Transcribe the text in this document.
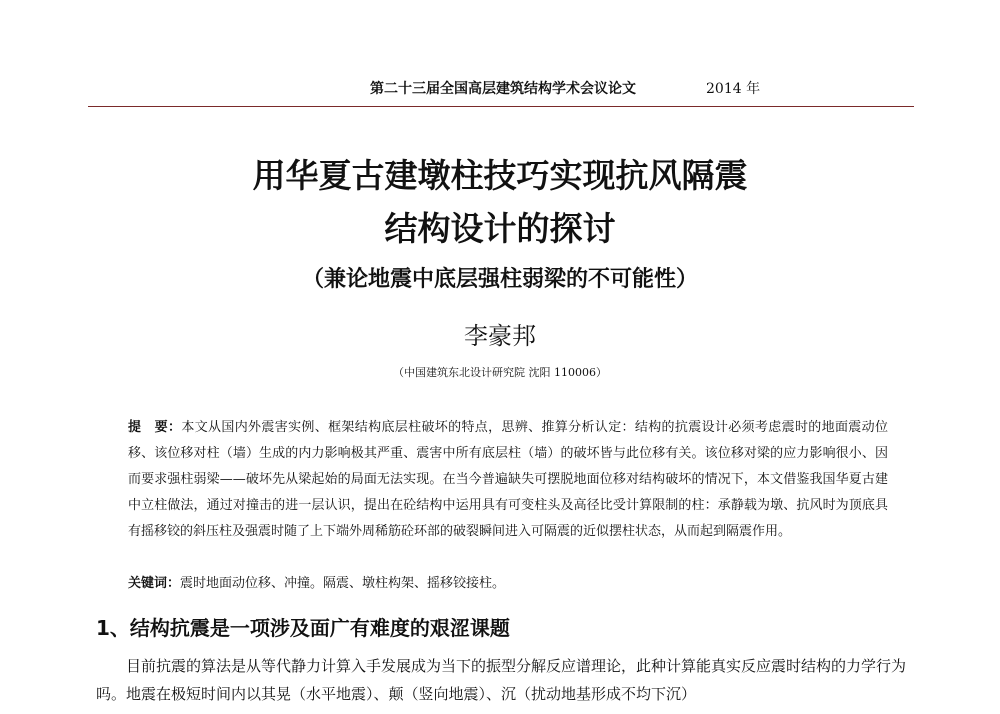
第二十三届全国高层建筑结构学术会议论文	2014 年
用华夏古建墩柱技巧实现抗风隔震
结构设计的探讨
（兼论地震中底层强柱弱梁的不可能性）
李豪邦
（中国建筑东北设计研究院 沈阳 110006）
提　要：本文从国内外震害实例、框架结构底层柱破坏的特点，思辨、推算分析认定：结构的抗震设计必须考虑震时的地面震动位移、该位移对柱（墙）生成的内力影响极其严重、震害中所有底层柱（墙）的破坏皆与此位移有关。该位移对梁的应力影响很小、因而要求强柱弱梁——破坏先从梁起始的局面无法实现。在当今普遍缺失可摆脱地面位移对结构破坏的情况下，本文借鉴我国华夏古建中立柱做法，通过对撞击的进一层认识，提出在砼结构中运用具有可变柱头及高径比受计算限制的柱：承静载为墩、抗风时为顶底具有摇移铰的斜压柱及强震时随了上下端外周稀筋砼环部的破裂瞬间进入可隔震的近似摆柱状态，从而起到隔震作用。
关键词：震时地面动位移、冲撞。隔震、墩柱构架、摇移铰接柱。
1、结构抗震是一项涉及面广有难度的艰涩课题
目前抗震的算法是从等代静力计算入手发展成为当下的振型分解反应谱理论，此种计算能真实反应震时结构的力学行为吗。地震在极短时间内以其晃（水平地震）、颠（竖向地震）、沉（扰动地基形成不均下沉）
